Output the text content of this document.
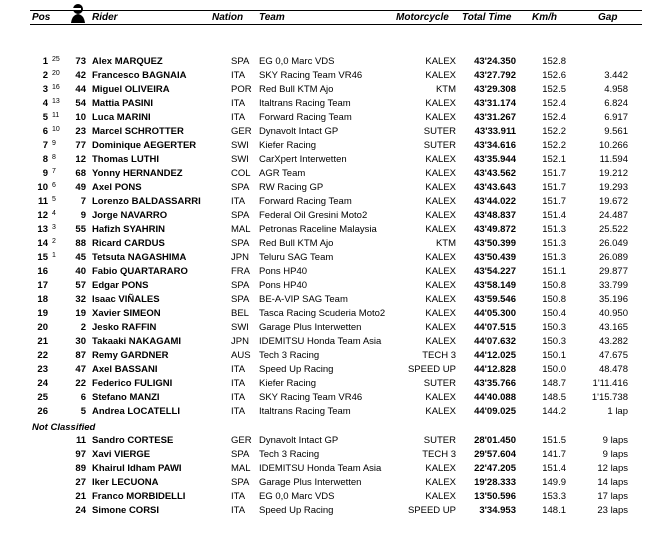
Pos	Rider	Nation Team	Motorcycle Total Time Km/h	Gap
1 25	73 Alex MARQUEZ	SPA EG 0,0 Marc VDS	KALEX	43'24.350	152.8
2 20	42 Francesco BAGNAIA	ITA SKY Racing Team VR46	KALEX	43'27.792	152.6	3.442
3 16	44 Miguel OLIVEIRA	POR Red Bull KTM Ajo	KTM	43'29.308	152.5	4.958
4 13	54 Mattia PASINI	ITA Italtrans Racing Team	KALEX	43'31.174	152.4	6.824
5 11	10 Luca MARINI	ITA Forward Racing Team	KALEX	43'31.267	152.4	6.917
6 10	23 Marcel SCHROTTER	GER Dynavolt Intact GP	SUTER	43'33.911	152.2	9.561
7 9	77 Dominique AEGERTER	SWI Kiefer Racing	SUTER	43'34.616	152.2	10.266
8 8	12 Thomas LUTHI	SWI CarXpert Interwetten	KALEX	43'35.944	152.1	11.594
9 7	68 Yonny HERNANDEZ	COL AGR Team	KALEX	43'43.562	151.7	19.212
10 6	49 Axel PONS	SPA RW Racing GP	KALEX	43'43.643	151.7	19.293
11 5	7 Lorenzo BALDASSARRI	ITA Forward Racing Team	KALEX	43'44.022	151.7	19.672
12 4	9 Jorge NAVARRO	SPA Federal Oil Gresini Moto2	KALEX	43'48.837	151.4	24.487
13 3	55 Hafizh SYAHRIN	MAL Petronas Raceline Malaysia	KALEX	43'49.872	151.3	25.522
14 2	88 Ricard CARDUS	SPA Red Bull KTM Ajo	KTM	43'50.399	151.3	26.049
15 1	45 Tetsuta NAGASHIMA	JPN Teluru SAG Team	KALEX	43'50.439	151.3	26.089
16	40 Fabio QUARTARARO	FRA Pons HP40	KALEX	43'54.227	151.1	29.877
17	57 Edgar PONS	SPA Pons HP40	KALEX	43'58.149	150.8	33.799
18	32 Isaac VIÑALES	SPA BE-A-VIP SAG Team	KALEX	43'59.546	150.8	35.196
19	19 Xavier SIMEON	BEL Tasca Racing Scuderia Moto2	KALEX	44'05.300	150.4	40.950
20	2 Jesko RAFFIN	SWI Garage Plus Interwetten	KALEX	44'07.515	150.3	43.165
21	30 Takaaki NAKAGAMI	JPN IDEMITSU Honda Team Asia	KALEX	44'07.632	150.3	43.282
22	87 Remy GARDNER	AUS Tech 3 Racing	TECH 3	44'12.025	150.1	47.675
23	47 Axel BASSANI	ITA Speed Up Racing	SPEED UP	44'12.828	150.0	48.478
24	22 Federico FULIGNI	ITA Kiefer Racing	SUTER	43'35.766	148.7	1'11.416
25	6 Stefano MANZI	ITA SKY Racing Team VR46	KALEX	44'40.088	148.5	1'15.738
26	5 Andrea LOCATELLI	ITA Italtrans Racing Team	KALEX	44'09.025	144.2	1 lap
Not Classified
11 Sandro CORTESE	GER Dynavolt Intact GP	SUTER	28'01.450	151.5	9 laps
97 Xavi VIERGE	SPA Tech 3 Racing	TECH 3	29'57.604	141.7	9 laps
89 Khairul Idham PAWI	MAL IDEMITSU Honda Team Asia	KALEX	22'47.205	151.4	12 laps
27 Iker LECUONA	SPA Garage Plus Interwetten	KALEX	19'28.333	149.9	14 laps
21 Franco MORBIDELLI	ITA EG 0,0 Marc VDS	KALEX	13'50.596	153.3	17 laps
24 Simone CORSI	ITA Speed Up Racing	SPEED UP	3'34.953	148.1	23 laps
